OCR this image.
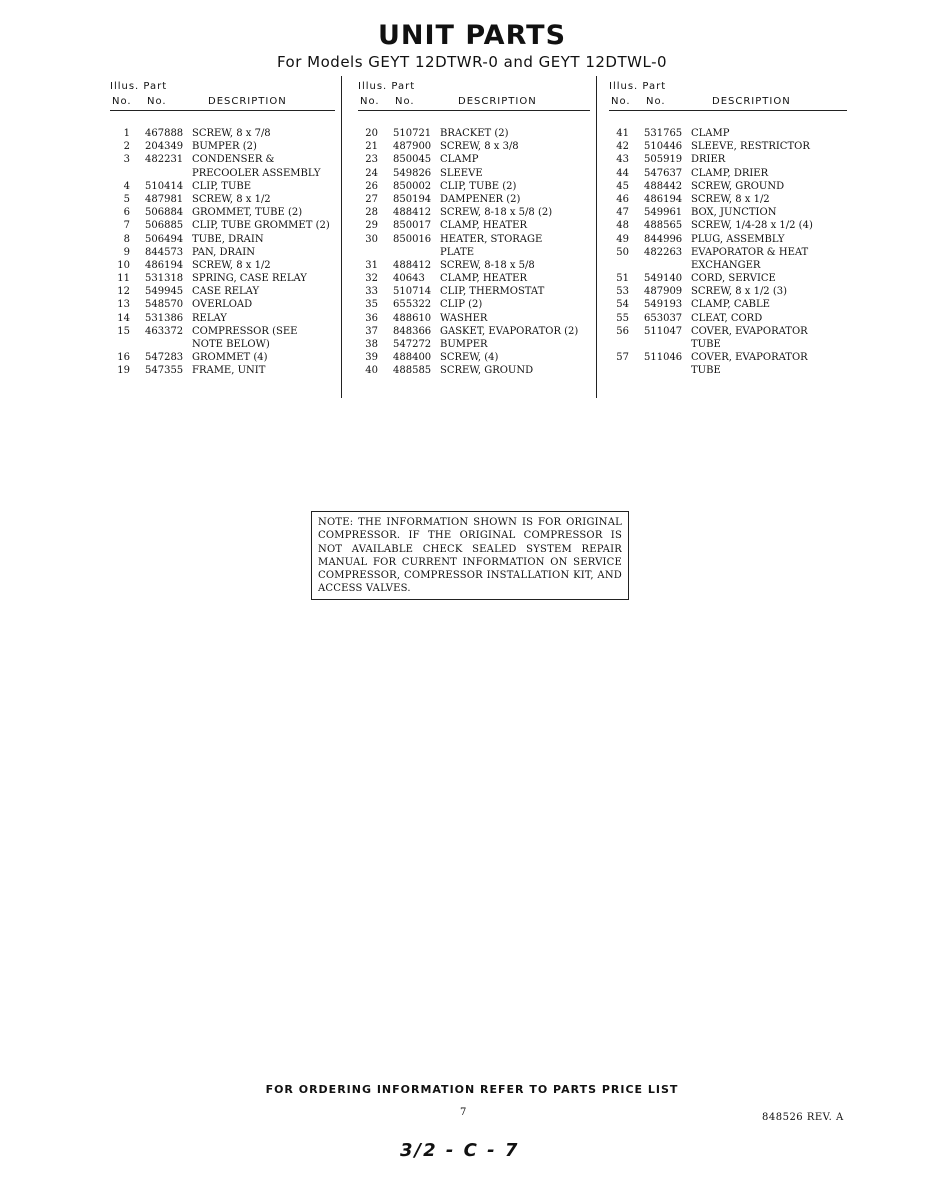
UNIT PARTS
For Models GEYT 12DTWR-0 and GEYT 12DTWL-0
Illus. Part
No. No.	DESCRIPTION
1 467888 SCREW, 8 x 7/8
2 204349 BUMPER (2)
3 482231 CONDENSER &
PRECOOLER ASSEMBLY
4 510414 CLIP, TUBE
5 487981 SCREW, 8 x 1/2
6 506884 GROMMET, TUBE (2)
7 506885 CLIP, TUBE GROMMET (2)
8 506494 TUBE, DRAIN
9 844573 PAN, DRAIN
10 486194 SCREW, 8 x 1/2
11 531318 SPRING, CASE RELAY
12 549945 CASE RELAY
13 548570 OVERLOAD
14 531386 RELAY
15 463372 COMPRESSOR (SEE
NOTE BELOW)
16 547283 GROMMET (4)
19 547355 FRAME, UNIT
Illus. Part
No. No.	DESCRIPTION
20 510721 BRACKET (2)
21 487900 SCREW, 8 x 3/8
23 850045 CLAMP
24 549826 SLEEVE
26 850002 CLIP, TUBE (2)
27 850194 DAMPENER (2)
28 488412 SCREW, 8-18 x 5/8 (2)
29 850017 CLAMP, HEATER
30 850016 HEATER, STORAGE
PLATE
31 488412 SCREW, 8-18 x 5/8
32 40643 CLAMP, HEATER
33 510714 CLIP, THERMOSTAT
35 655322 CLIP (2)
36 488610 WASHER
37 848366 GASKET, EVAPORATOR (2)
38 547272 BUMPER
39 488400 SCREW, (4)
40 488585 SCREW, GROUND
Illus. Part
No. No.	DESCRIPTION
41 531765 CLAMP
42 510446 SLEEVE, RESTRICTOR
43 505919 DRIER
44 547637 CLAMP, DRIER
45 488442 SCREW, GROUND
46 486194 SCREW, 8 x 1/2
47 549961 BOX, JUNCTION
48 488565 SCREW, 1/4-28 x 1/2 (4)
49 844996 PLUG, ASSEMBLY
50 482263 EVAPORATOR & HEAT
EXCHANGER
51 549140 CORD, SERVICE
53 487909 SCREW, 8 x 1/2 (3)
54 549193 CLAMP, CABLE
55 653037 CLEAT, CORD
56 511047 COVER, EVAPORATOR
TUBE
57 511046 COVER, EVAPORATOR
TUBE
NOTE: THE INFORMATION SHOWN IS FOR ORIGINAL COMPRESSOR. IF THE ORIGINAL COMPRESSOR IS NOT AVAILABLE CHECK SEALED SYSTEM REPAIR MANUAL FOR CURRENT INFORMATION ON SERVICE COMPRESSOR, COMPRESSOR INSTALLATION KIT, AND ACCESS VALVES.
FOR ORDERING INFORMATION REFER TO PARTS PRICE LIST
7	848526 REV. A
3/2 - C - 7
